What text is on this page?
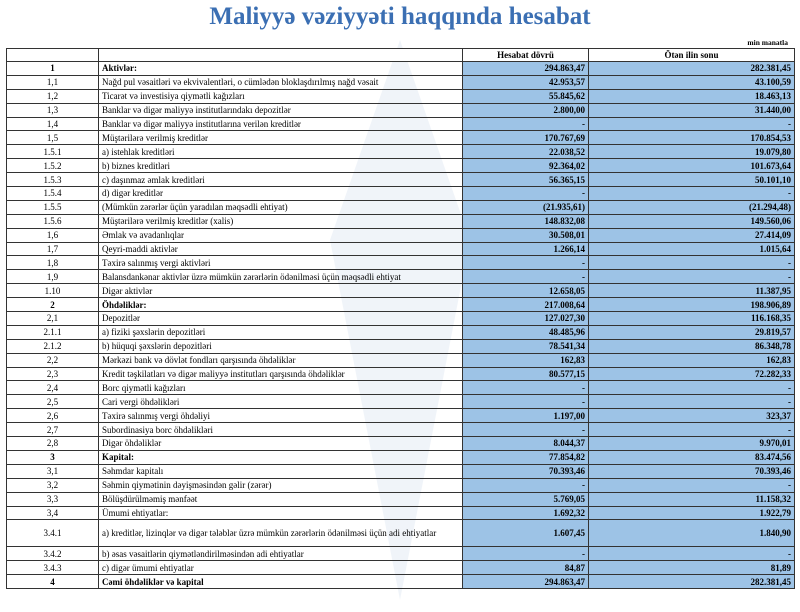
Maliyyə vəziyyəti haqqında hesabat
min manatla
		Hesabat dövrü	Ötən ilin sonu
1	Aktivlər:	294.863,47	282.381,45
1,1	Nağd pul vəsaitləri və ekvivalentləri, o cümlədən bloklaşdırılmış nağd vəsait	42.953,57	43.100,59
1,2	Ticarət və investisiya qiymətli kağızları	55.845,62	18.463,13
1,3	Banklar və digər maliyyə institutlarındakı depozitlər	2.800,00	31.440,00
1,4	Banklar və digər maliyyə institutlarına verilən kreditlər	-	-
1,5	Müştərilərə verilmiş kreditlər	170.767,69	170.854,53
1.5.1	a) istehlak kreditləri	22.038,52	19.079,80
1.5.2	b) biznes kreditləri	92.364,02	101.673,64
1.5.3	c) daşınmaz əmlak kreditləri	56.365,15	50.101,10
1.5.4	d) digər kreditlər	-	-
1.5.5	(Mümkün zərərlər üçün yaradılan məqsədli ehtiyat)	(21.935,61)	(21.294,48)
1.5.6	Müştərilərə verilmiş kreditlər (xalis)	148.832,08	149.560,06
1,6	Əmlak və avadanlıqlar	30.508,01	27.414,09
1,7	Qeyri-maddi aktivlər	1.266,14	1.015,64
1,8	Təxirə salınmış vergi aktivləri	-	-
1,9	Balansdankənar aktivlər üzrə mümkün zərərlərin ödənilməsi üçün məqsədli ehtiyat	-	-
1.10	Digər aktivlər	12.658,05	11.387,95
2	Öhdəliklər:	217.008,64	198.906,89
2,1	Depozitlər	127.027,30	116.168,35
2.1.1	a) fiziki şəxslərin depozitləri	48.485,96	29.819,57
2.1.2	b) hüquqi şəxslərin depozitləri	78.541,34	86.348,78
2,2	Mərkəzi bank və dövlət fondları qarşısında öhdəliklər	162,83	162,83
2,3	Kredit təşkilatları və digər maliyyə institutları qarşısında öhdəliklər	80.577,15	72.282,33
2,4	Borc qiymətli kağızları	-	-
2,5	Cari vergi öhdəlikləri	-	-
2,6	Təxirə salınmış vergi öhdəliyi	1.197,00	323,37
2,7	Subordinasiya borc öhdəlikləri	-	-
2,8	Digər öhdəliklər	8.044,37	9.970,01
3	Kapital:	77.854,82	83.474,56
3,1	Səhmdar kapitalı	70.393,46	70.393,46
3,2	Səhmin qiymətinin dəyişməsindən gəlir (zərər)	-	-
3,3	Bölüşdürülməmiş mənfəət	5.769,05	11.158,32
3,4	Ümumi ehtiyatlar:	1.692,32	1.922,79
3.4.1	a) kreditlər, lizinqlər və digər tələblər üzrə mümkün zərərlərin ödənilməsi üçün adi ehtiyatlar	1.607,45	1.840,90
3.4.2	b) əsas vəsaitlərin qiymətləndirilməsindən adi ehtiyatlar	-	-
3.4.3	c) digər ümumi ehtiyatlar	84,87	81,89
4	Cəmi öhdəliklər və kapital	294.863,47	282.381,45
